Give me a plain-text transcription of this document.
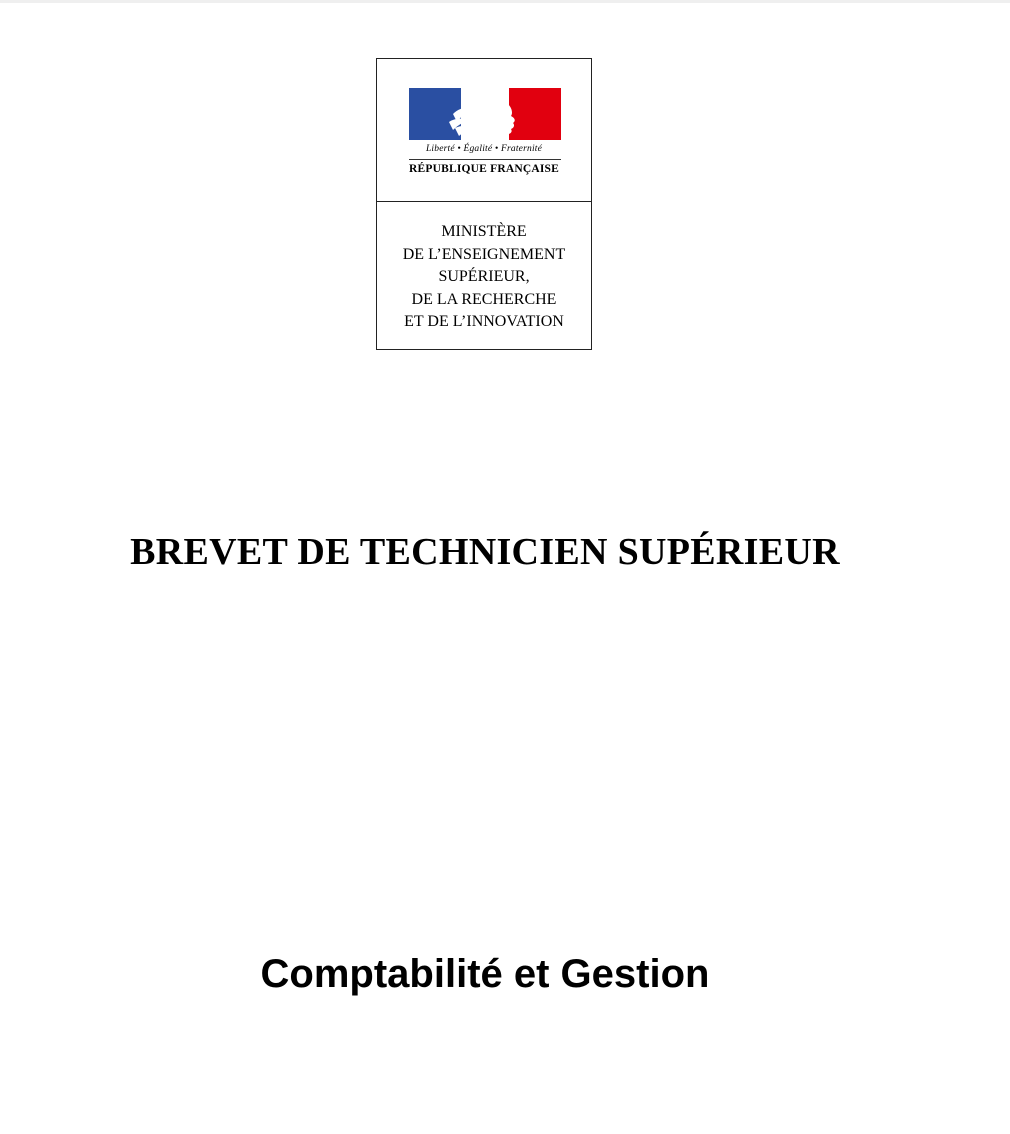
Liberté • Égalité • Fraternité
RÉPUBLIQUE FRANÇAISE
MINISTÈRE
DE L’ENSEIGNEMENT
SUPÉRIEUR,
DE LA RECHERCHE
ET DE L’INNOVATION
BREVET DE TECHNICIEN SUPÉRIEUR
Comptabilité et Gestion
